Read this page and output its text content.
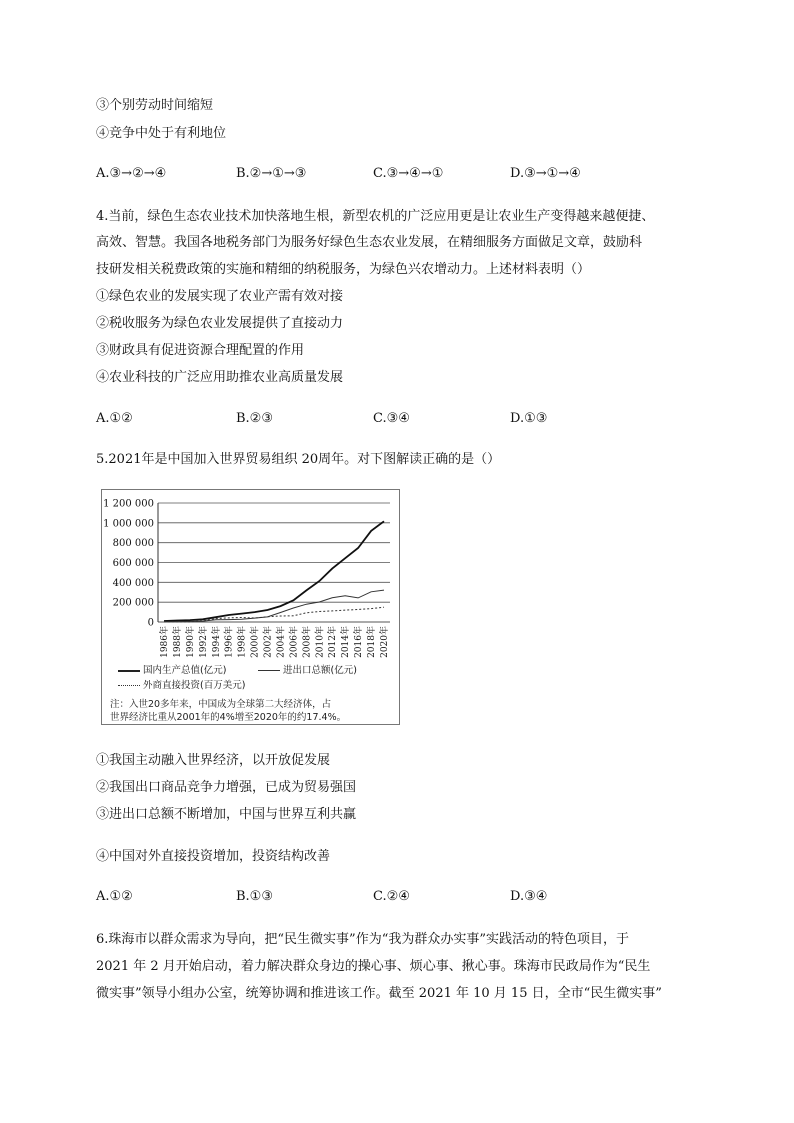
③个别劳动时间缩短
④竞争中处于有利地位
A.③→②→④	B.②→①→③	C.③→④→①	D.③→①→④
4.当前，绿色生态农业技术加快落地生根，新型农机的广泛应用更是让农业生产变得越来越便捷、
高效、智慧。我国各地税务部门为服务好绿色生态农业发展，在精细服务方面做足文章，鼓励科
技研发相关税费政策的实施和精细的纳税服务，为绿色兴农增动力。上述材料表明（）
①绿色农业的发展实现了农业产需有效对接
②税收服务为绿色农业发展提供了直接动力
③财政具有促进资源合理配置的作用
④农业科技的广泛应用助推农业高质量发展
A.①②	B.②③	C.③④	D.①③
5.2021年是中国加入世界贸易组织 20周年。对下图解读正确的是（）
0
200 000
400 000
600 000
800 000
1 000 000
1 200 000
1986年 1988年 1990年 1992年 1994年 1996年 1998年 2000年 2002年 2004年 2006年 2008年 2010年 2012年 2014年 2016年 2018年 2020年
国内生产总值(亿元)	进出口总额(亿元)
外商直接投资(百万美元)
注：入世20多年来，中国成为全球第二大经济体，占
世界经济比重从2001年的4%增至2020年的约17.4%。
①我国主动融入世界经济，以开放促发展
②我国出口商品竞争力增强，已成为贸易强国
③进出口总额不断增加，中国与世界互利共赢
④中国对外直接投资增加，投资结构改善
A.①②	B.①③	C.②④	D.③④
6.珠海市以群众需求为导向，把“民生微实事”作为“我为群众办实事”实践活动的特色项目，于
2021 年 2 月开始启动，着力解决群众身边的操心事、烦心事、揪心事。珠海市民政局作为“民生
微实事”领导小组办公室，统筹协调和推进该工作。截至 2021 年 10 月 15 日，全市“民生微实事”
